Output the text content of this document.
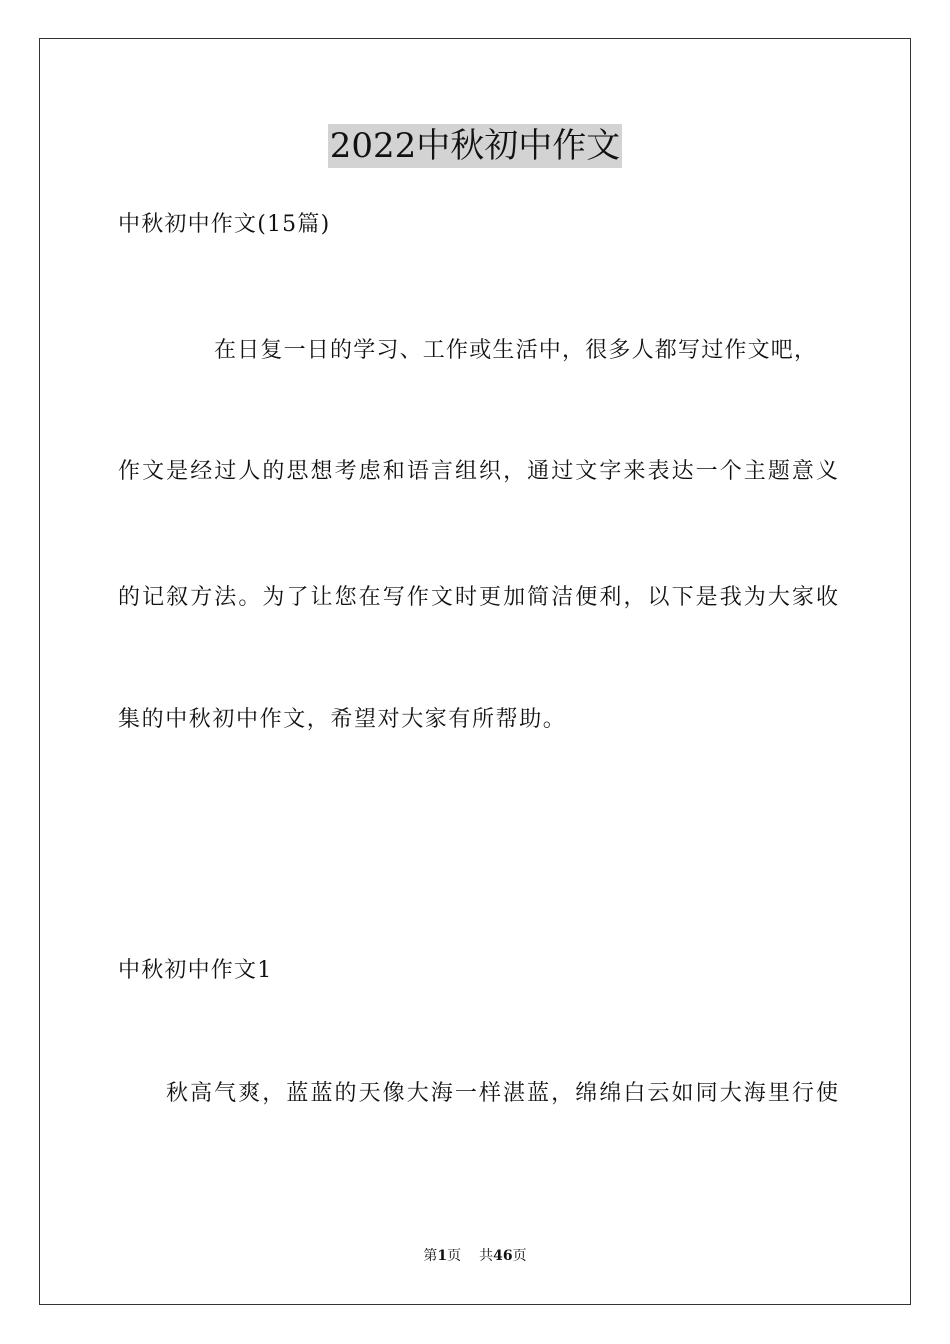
2022中秋初中作文
中秋初中作文(15篇)
在日复一日的学习、工作或生活中，很多人都写过作文吧，
作文是经过人的思想考虑和语言组织，通过文字来表达一个主题意义
的记叙方法。为了让您在写作文时更加简洁便利，以下是我为大家收
集的中秋初中作文，希望对大家有所帮助。
中秋初中作文1
秋高气爽，蓝蓝的天像大海一样湛蓝，绵绵白云如同大海里行使
第1页 共46页
